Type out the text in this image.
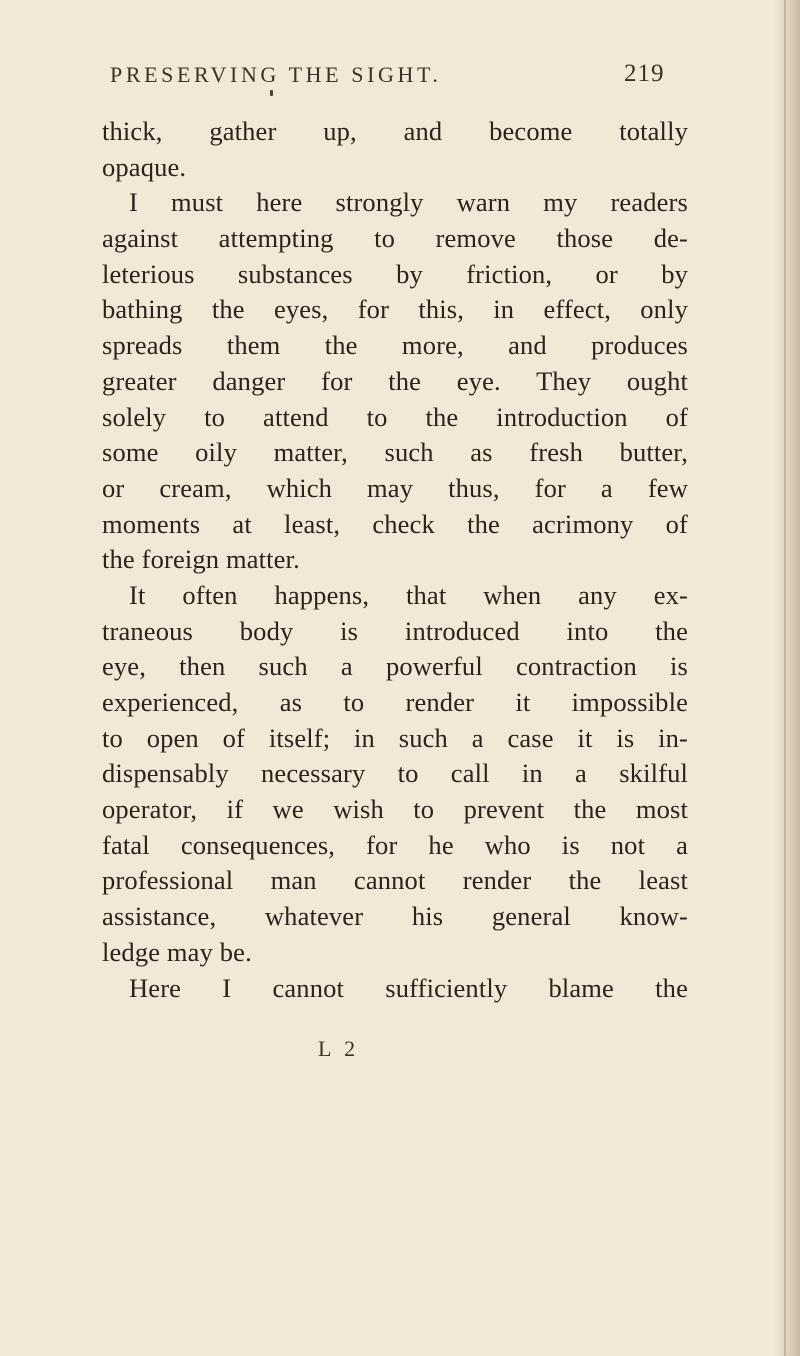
PRESERVING THE SIGHT.	219
thick, gather up, and become totally
opaque.
I must here strongly warn my readers
against attempting to remove those de-
leterious substances by friction, or by
bathing the eyes, for this, in effect, only
spreads them the more, and produces
greater danger for the eye. They ought
solely to attend to the introduction of
some oily matter, such as fresh butter,
or cream, which may thus, for a few
moments at least, check the acrimony of
the foreign matter.
It often happens, that when any ex-
traneous body is introduced into the
eye, then such a powerful contraction is
experienced, as to render it impossible
to open of itself; in such a case it is in-
dispensably necessary to call in a skilful
operator, if we wish to prevent the most
fatal consequences, for he who is not a
professional man cannot render the least
assistance, whatever his general know-
ledge may be.
Here I cannot sufficiently blame the
L 2
